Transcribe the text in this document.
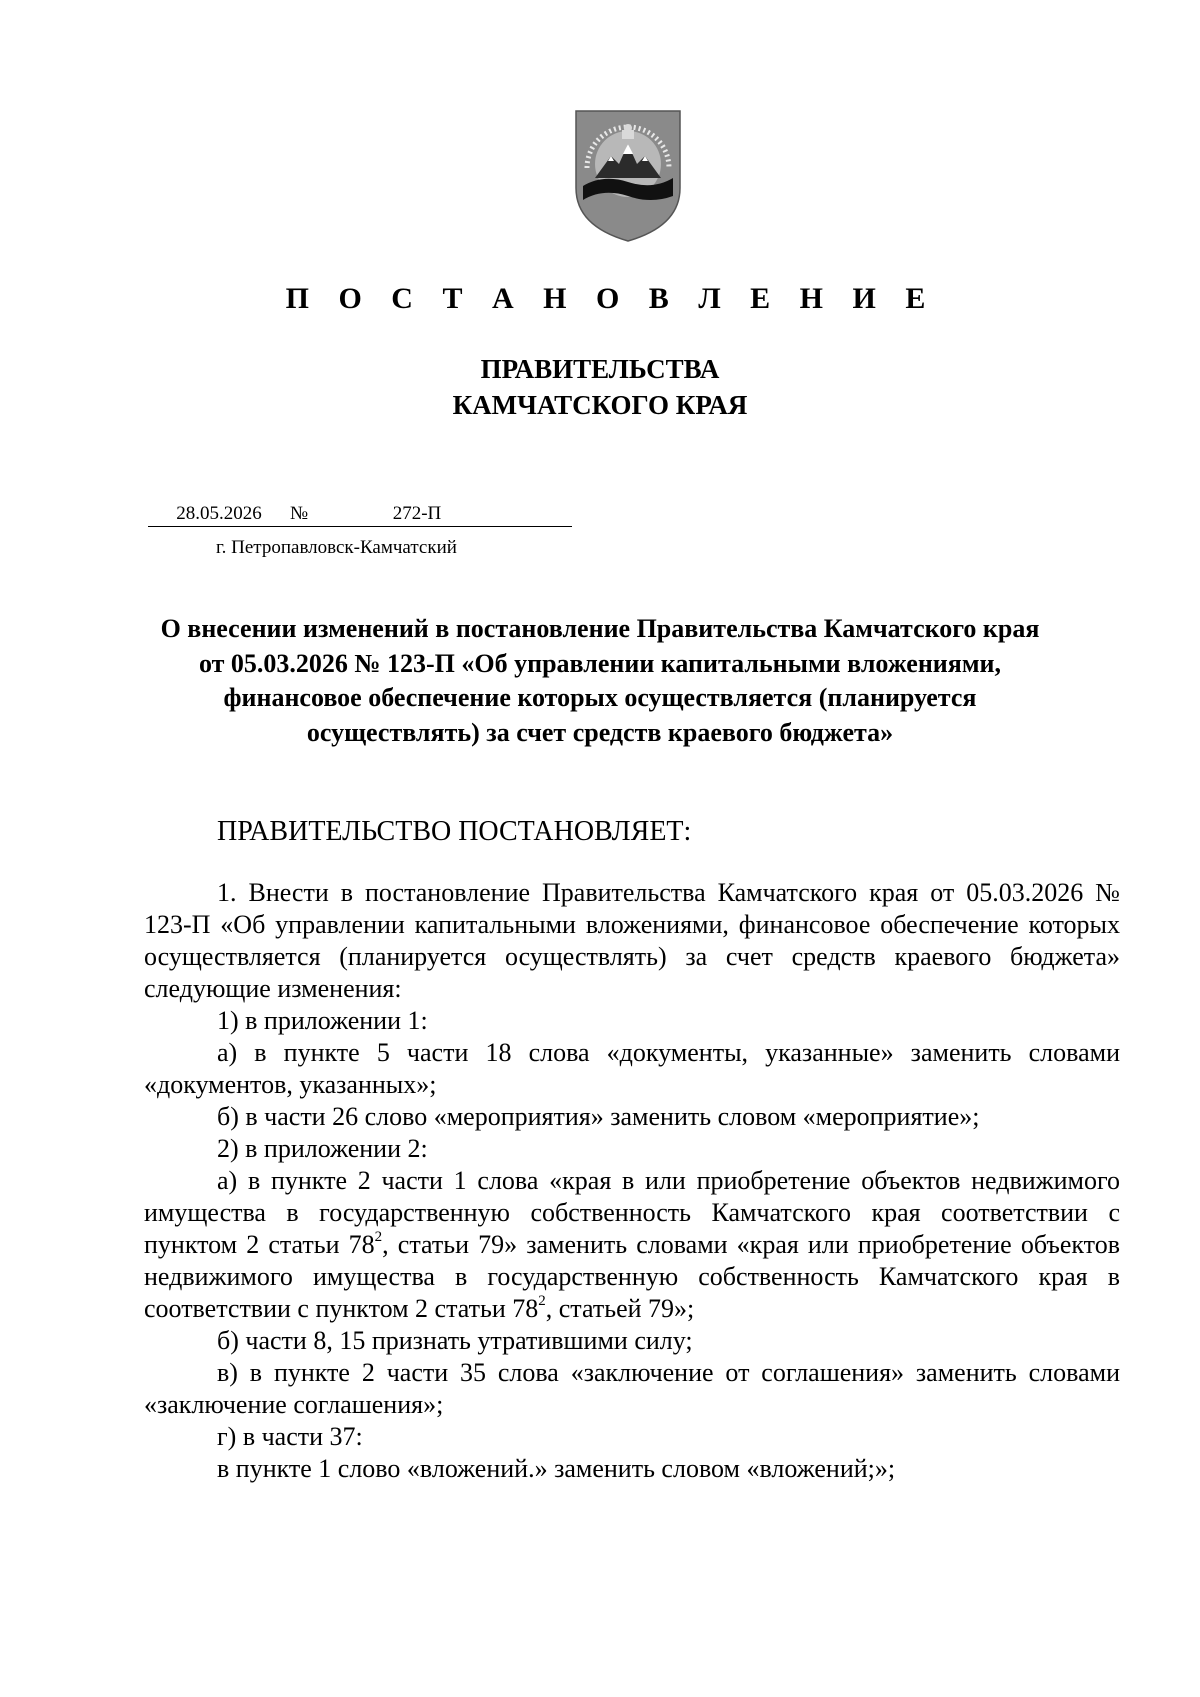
П О С Т А Н О В Л Е Н И Е
ПРАВИТЕЛЬСТВА
КАМЧАТСКОГО КРАЯ
28.05.2026	№	272-П
г. Петропавловск-Камчатский
О внесении изменений в постановление Правительства Камчатского края
от 05.03.2026 № 123-П «Об управлении капитальными вложениями,
финансовое обеспечение которых осуществляется (планируется
осуществлять) за счет средств краевого бюджета»
ПРАВИТЕЛЬСТВО ПОСТАНОВЛЯЕТ:

1. Внести в постановление Правительства Камчатского края от 05.03.2026 № 123-П «Об управлении капитальными вложениями, финансовое обеспечение которых осуществляется (планируется осуществлять) за счет средств краевого бюджета» следующие изменения:

1) в приложении 1:

а) в пункте 5 части 18 слова «документы, указанные» заменить словами «документов, указанных»;

б) в части 26 слово «мероприятия» заменить словом «мероприятие»;

2) в приложении 2:

а) в пункте 2 части 1 слова «края в или приобретение объектов недвижимого имущества в государственную собственность Камчатского края соответствии с пунктом 2 статьи $78^2$, статьи 79» заменить словами «края или приобретение объектов недвижимого имущества в государственную собственность Камчатского края в соответствии с пунктом 2 статьи $78^2$, статьей 79»;

б) части 8, 15 признать утратившими силу;

в) в пункте 2 части 35 слова «заключение от соглашения» заменить словами «заключение соглашения»;

г) в части 37:

в пункте 1 слово «вложений.» заменить словом «вложений;»;
